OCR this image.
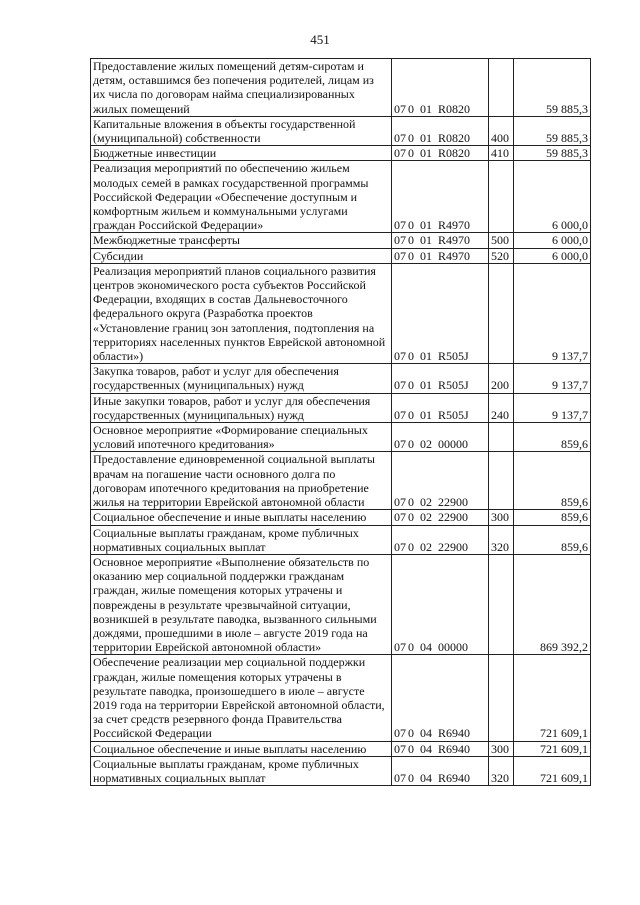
451
Предоставление жилых помещений детям-сиротам и детям, оставшимся без попечения родителей, лицам из их числа по договорам найма специализированных жилых помещений	07 0 01 R0820		59 885,3
Капитальные вложения в объекты государственной (муниципальной) собственности	07 0 01 R0820	400	59 885,3
Бюджетные инвестиции	07 0 01 R0820	410	59 885,3
Реализация мероприятий по обеспечению жильем молодых семей в рамках государственной программы Российской Федерации «Обеспечение доступным и комфортным жильем и коммунальными услугами граждан Российской Федерации»	07 0 01 R4970		6 000,0
Межбюджетные трансферты	07 0 01 R4970	500	6 000,0
Субсидии	07 0 01 R4970	520	6 000,0
Реализация мероприятий планов социального развития центров экономического роста субъектов Российской Федерации, входящих в состав Дальневосточного федерального округа (Разработка проектов «Установление границ зон затопления, подтопления на территориях населенных пунктов Еврейской автономной области»)	07 0 01 R505J		9 137,7
Закупка товаров, работ и услуг для обеспечения государственных (муниципальных) нужд	07 0 01 R505J	200	9 137,7
Иные закупки товаров, работ и услуг для обеспечения государственных (муниципальных) нужд	07 0 01 R505J	240	9 137,7
Основное мероприятие «Формирование специальных условий ипотечного кредитования»	07 0 02 00000		859,6
Предоставление единовременной социальной выплаты врачам на погашение части основного долга по договорам ипотечного кредитования на приобретение жилья на территории Еврейской автономной области	07 0 02 22900		859,6
Социальное обеспечение и иные выплаты населению	07 0 02 22900	300	859,6
Социальные выплаты гражданам, кроме публичных нормативных социальных выплат	07 0 02 22900	320	859,6
Основное мероприятие «Выполнение обязательств по оказанию мер социальной поддержки гражданам граждан, жилые помещения которых утрачены и повреждены в результате чрезвычайной ситуации, возникшей в результате паводка, вызванного сильными дождями, прошедшими в июле – августе 2019 года на территории Еврейской автономной области»	07 0 04 00000		869 392,2
Обеспечение реализации мер социальной поддержки граждан, жилые помещения которых утрачены в результате паводка, произошедшего в июле – августе 2019 года на территории Еврейской автономной области, за счет средств резервного фонда Правительства Российской Федерации	07 0 04 R6940		721 609,1
Социальное обеспечение и иные выплаты населению	07 0 04 R6940	300	721 609,1
Социальные выплаты гражданам, кроме публичных нормативных социальных выплат	07 0 04 R6940	320	721 609,1
